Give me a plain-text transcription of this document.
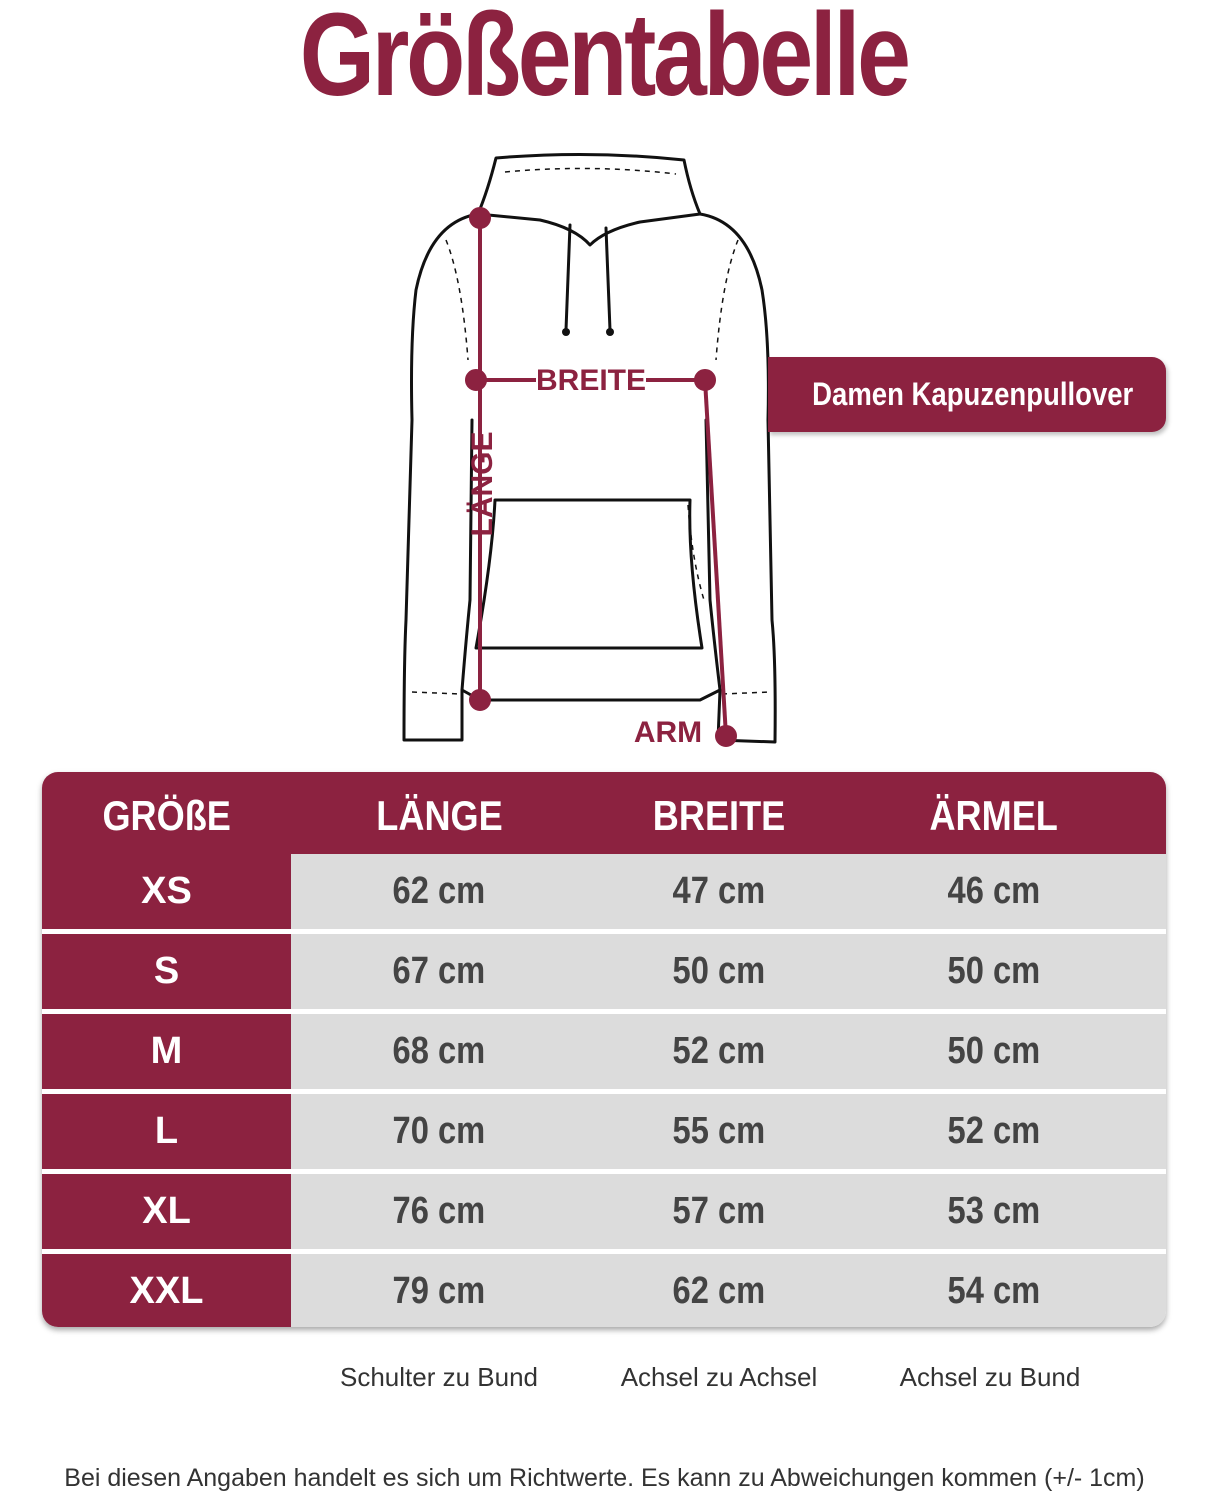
Größentabelle
BREITE
LÄNGE
ARM
Damen Kapuzenpullover
GRÖßE	LÄNGE	BREITE	ÄRMEL
XS	62 cm	47 cm	46 cm
S	67 cm	50 cm	50 cm
M	68 cm	52 cm	50 cm
L	70 cm	55 cm	52 cm
XL	76 cm	57 cm	53 cm
XXL	79 cm	62 cm	54 cm
Schulter zu Bund	Achsel zu Achsel	Achsel zu Bund
Bei diesen Angaben handelt es sich um Richtwerte. Es kann zu Abweichungen kommen (+/- 1cm)
